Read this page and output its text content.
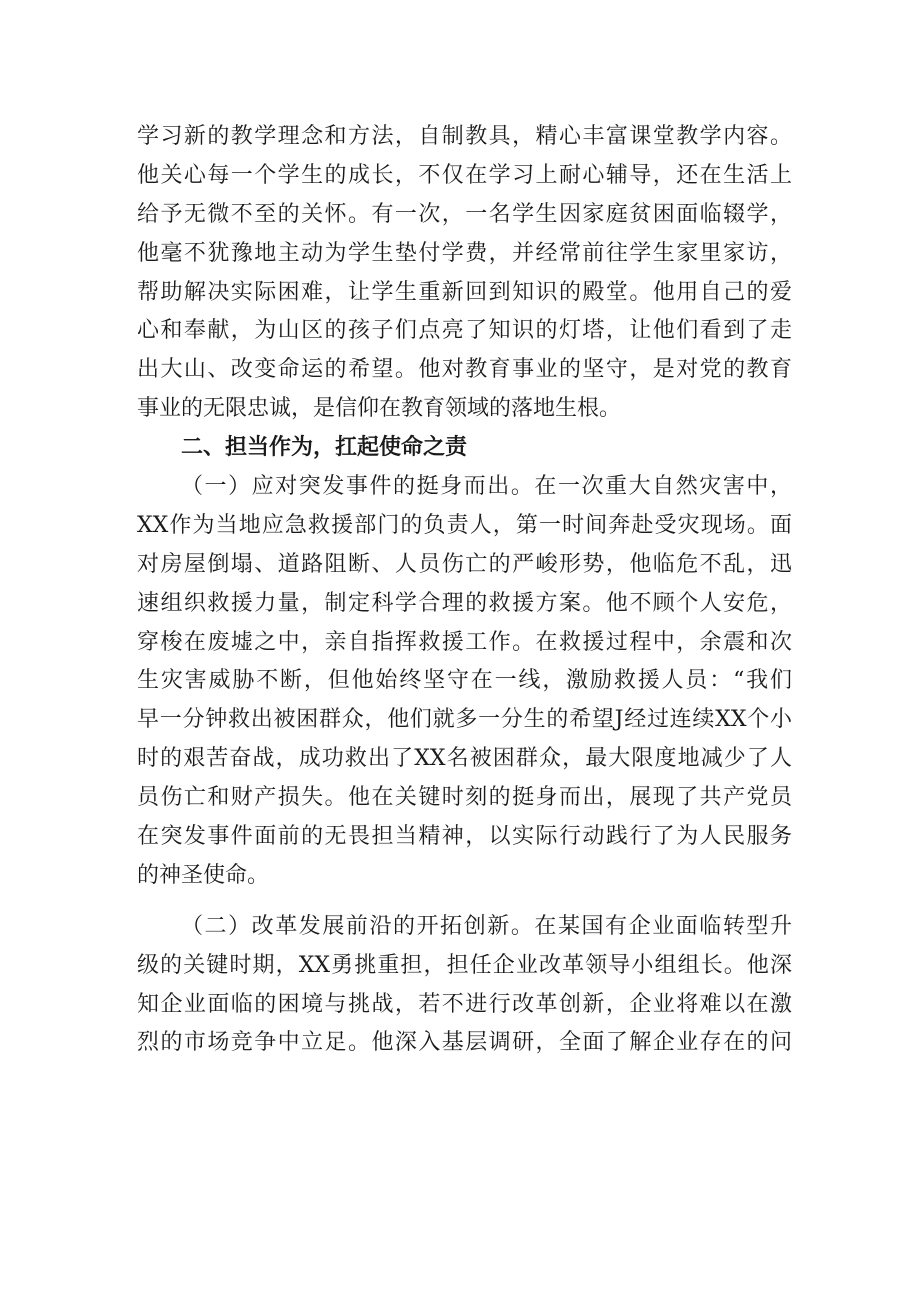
学习新的教学理念和方法，自制教具，精心丰富课堂教学内容。
他关心每一个学生的成长，不仅在学习上耐心辅导，还在生活上
给予无微不至的关怀。有一次，一名学生因家庭贫困面临辍学，
他毫不犹豫地主动为学生垫付学费，并经常前往学生家里家访，
帮助解决实际困难，让学生重新回到知识的殿堂。他用自己的爱
心和奉献，为山区的孩子们点亮了知识的灯塔，让他们看到了走
出大山、改变命运的希望。他对教育事业的坚守，是对党的教育
事业的无限忠诚，是信仰在教育领域的落地生根。
二、担当作为，扛起使命之责
（一）应对突发事件的挺身而出。在一次重大自然灾害中，
XX作为当地应急救援部门的负责人，第一时间奔赴受灾现场。面
对房屋倒塌、道路阻断、人员伤亡的严峻形势，他临危不乱，迅
速组织救援力量，制定科学合理的救援方案。他不顾个人安危，
穿梭在废墟之中，亲自指挥救援工作。在救援过程中，余震和次
生灾害威胁不断，但他始终坚守在一线，激励救援人员：“我们
早一分钟救出被困群众，他们就多一分生的希望J经过连续XX个小
时的艰苦奋战，成功救出了XX名被困群众，最大限度地减少了人
员伤亡和财产损失。他在关键时刻的挺身而出，展现了共产党员
在突发事件面前的无畏担当精神，以实际行动践行了为人民服务
的神圣使命。
（二）改革发展前沿的开拓创新。在某国有企业面临转型升
级的关键时期，XX勇挑重担，担任企业改革领导小组组长。他深
知企业面临的困境与挑战，若不进行改革创新，企业将难以在激
烈的市场竞争中立足。他深入基层调研，全面了解企业存在的问
